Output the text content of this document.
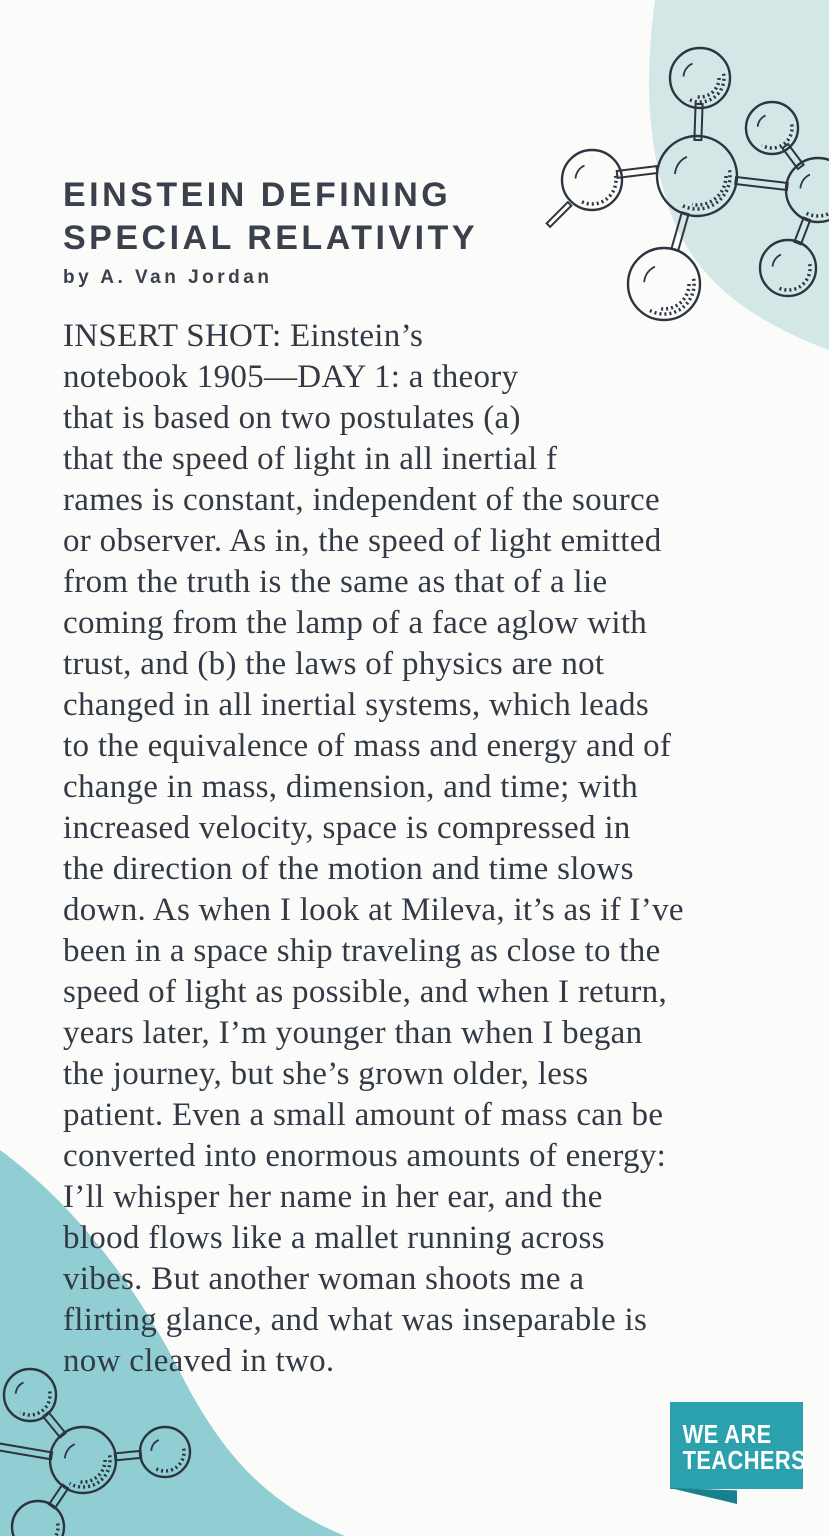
EINSTEIN DEFINING
SPECIAL RELATIVITY
by A. Van Jordan
INSERT SHOT: Einstein’s
notebook 1905—DAY 1: a theory
that is based on two postulates (a)
that the speed of light in all inertial f
rames is constant, independent of the source
or observer. As in, the speed of light emitted
from the truth is the same as that of a lie
coming from the lamp of a face aglow with
trust, and (b) the laws of physics are not
changed in all inertial systems, which leads
to the equivalence of mass and energy and of
change in mass, dimension, and time; with
increased velocity, space is compressed in
the direction of the motion and time slows
down. As when I look at Mileva, it’s as if I’ve
been in a space ship traveling as close to the
speed of light as possible, and when I return,
years later, I’m younger than when I began
the journey, but she’s grown older, less
patient. Even a small amount of mass can be
converted into enormous amounts of energy:
I’ll whisper her name in her ear, and the
blood flows like a mallet running across
vibes. But another woman shoots me a
flirting glance, and what was inseparable is
now cleaved in two.
WE ARE
TEACHERS
